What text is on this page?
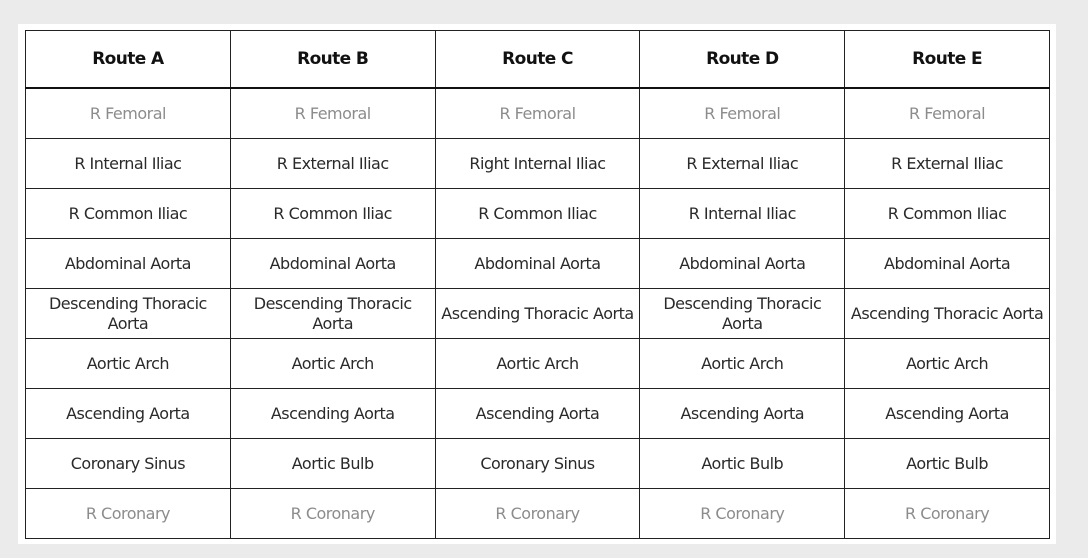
Route A	Route B	Route C	Route D	Route E
R Femoral	R Femoral	R Femoral	R Femoral	R Femoral
R Internal Iliac	R External Iliac	Right Internal Iliac	R External Iliac	R External Iliac
R Common Iliac	R Common Iliac	R Common Iliac	R Internal Iliac	R Common Iliac
Abdominal Aorta	Abdominal Aorta	Abdominal Aorta	Abdominal Aorta	Abdominal Aorta
Descending Thoracic Aorta	Descending Thoracic Aorta	Ascending Thoracic Aorta	Descending Thoracic Aorta	Ascending Thoracic Aorta
Aortic Arch	Aortic Arch	Aortic Arch	Aortic Arch	Aortic Arch
Ascending Aorta	Ascending Aorta	Ascending Aorta	Ascending Aorta	Ascending Aorta
Coronary Sinus	Aortic Bulb	Coronary Sinus	Aortic Bulb	Aortic Bulb
R Coronary	R Coronary	R Coronary	R Coronary	R Coronary
